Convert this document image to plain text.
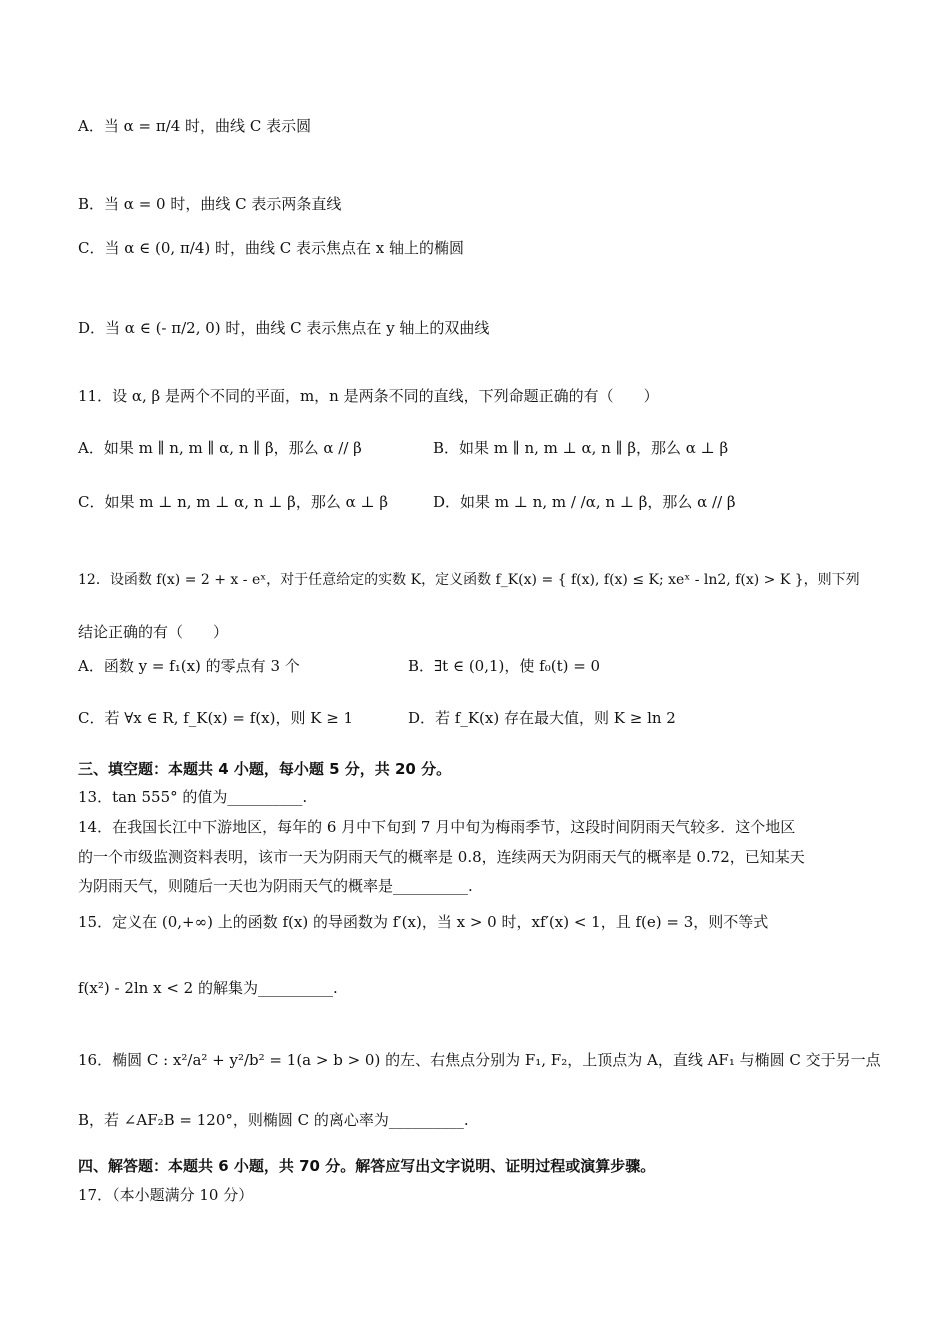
A．当 α = π/4 时，曲线 C 表示圆
B．当 α = 0 时，曲线 C 表示两条直线
C．当 α ∈ (0, π/4) 时，曲线 C 表示焦点在 x 轴上的椭圆
D．当 α ∈ (- π/2, 0) 时，曲线 C 表示焦点在 y 轴上的双曲线
11．设 α, β 是两个不同的平面，m，n 是两条不同的直线，下列命题正确的有（　　）
A．如果 m ∥ n, m ∥ α, n ∥ β，那么 α // β	B．如果 m ∥ n, m ⊥ α, n ∥ β，那么 α ⊥ β
C．如果 m ⊥ n, m ⊥ α, n ⊥ β，那么 α ⊥ β	D．如果 m ⊥ n, m / /α, n ⊥ β，那么 α // β
12．设函数 f(x) = 2 + x - eˣ，对于任意给定的实数 K，定义函数 f_K(x) = { f(x), f(x) ≤ K; xeˣ - ln2, f(x) > K }，则下列
结论正确的有（　　）
A．函数 y = f₁(x) 的零点有 3 个	B．∃t ∈ (0,1)，使 f₀(t) = 0
C．若 ∀x ∈ R, f_K(x) = f(x)，则 K ≥ 1	D．若 f_K(x) 存在最大值，则 K ≥ ln 2
三、填空题：本题共 4 小题，每小题 5 分，共 20 分。
13．tan 555° 的值为__________.
14．在我国长江中下游地区，每年的 6 月中下旬到 7 月中旬为梅雨季节，这段时间阴雨天气较多．这个地区
的一个市级监测资料表明，该市一天为阴雨天气的概率是 0.8，连续两天为阴雨天气的概率是 0.72，已知某天
为阴雨天气，则随后一天也为阴雨天气的概率是__________.
15．定义在 (0,+∞) 上的函数 f(x) 的导函数为 f′(x)，当 x > 0 时，xf′(x) < 1，且 f(e) = 3，则不等式
f(x²) - 2ln x < 2 的解集为__________.
16．椭圆 C : x²/a² + y²/b² = 1(a > b > 0) 的左、右焦点分别为 F₁, F₂，上顶点为 A，直线 AF₁ 与椭圆 C 交于另一点
B，若 ∠AF₂B = 120°，则椭圆 C 的离心率为__________.
四、解答题：本题共 6 小题，共 70 分。解答应写出文字说明、证明过程或演算步骤。
17．（本小题满分 10 分）
